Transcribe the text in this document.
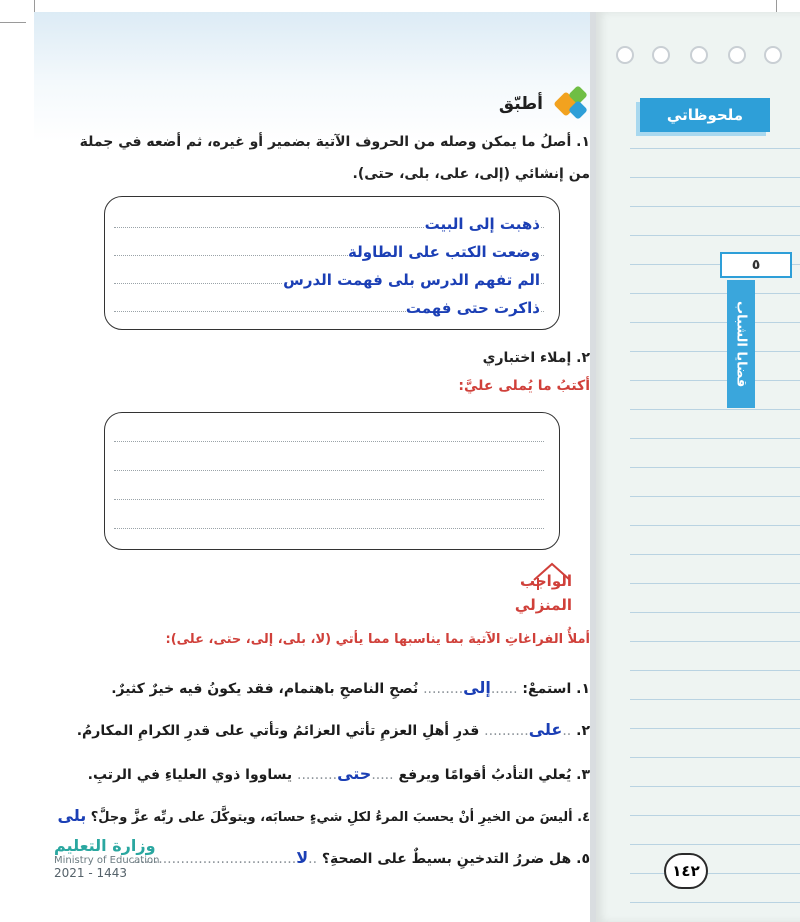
ملحوظاتي
٥
قضايا الشباب
١٤٢
أطبّق
١. أصلُ ما يمكن وصله من الحروف الآتية بضمير أو غيره، ثم أضعه في جملة
من إنشائي (إلى، على، بلى، حتى).
ذهبت إلى البيت
وضعت الكتب على الطاولة
الم تفهم الدرس بلى فهمت الدرس
ذاكرت حتى فهمت
٢. إملاء اختباري
أكتبُ ما يُملى عليَّ:
الواجب
المنزلي
أملأُ الفراغاتِ الآتية بما يناسبها مما يأتي (لا، بلى، إلى، حتى، على):
١. استمعْ: ......إلى......... نُصحِ الناصحِ باهتمام، فقد يكونُ فيه خيرٌ كثيرٌ.
٢. ..على.......... قدرِ أهلِ العزمِ تأتي العزائمُ وتأتي على قدرِ الكرامِ المكارمُ.
٣. يُعلي التأدبُ أقوامًا ويرفع .....حتى......... يساووا ذوي العلياءِ في الرتبِ.
٤. أليسَ من الخيرِ أنْ يحسبَ المرءُ لكلِ شيءٍ حسابَه، ويتوكَّلَ على ربِّه عزَّ وجلَّ؟ بلى
٥. هل ضررُ التدخينِ بسيطٌ على الصحةِ؟ ..لا.....................................
وزارة التعليم
Ministry of Education
2021 - 1443
